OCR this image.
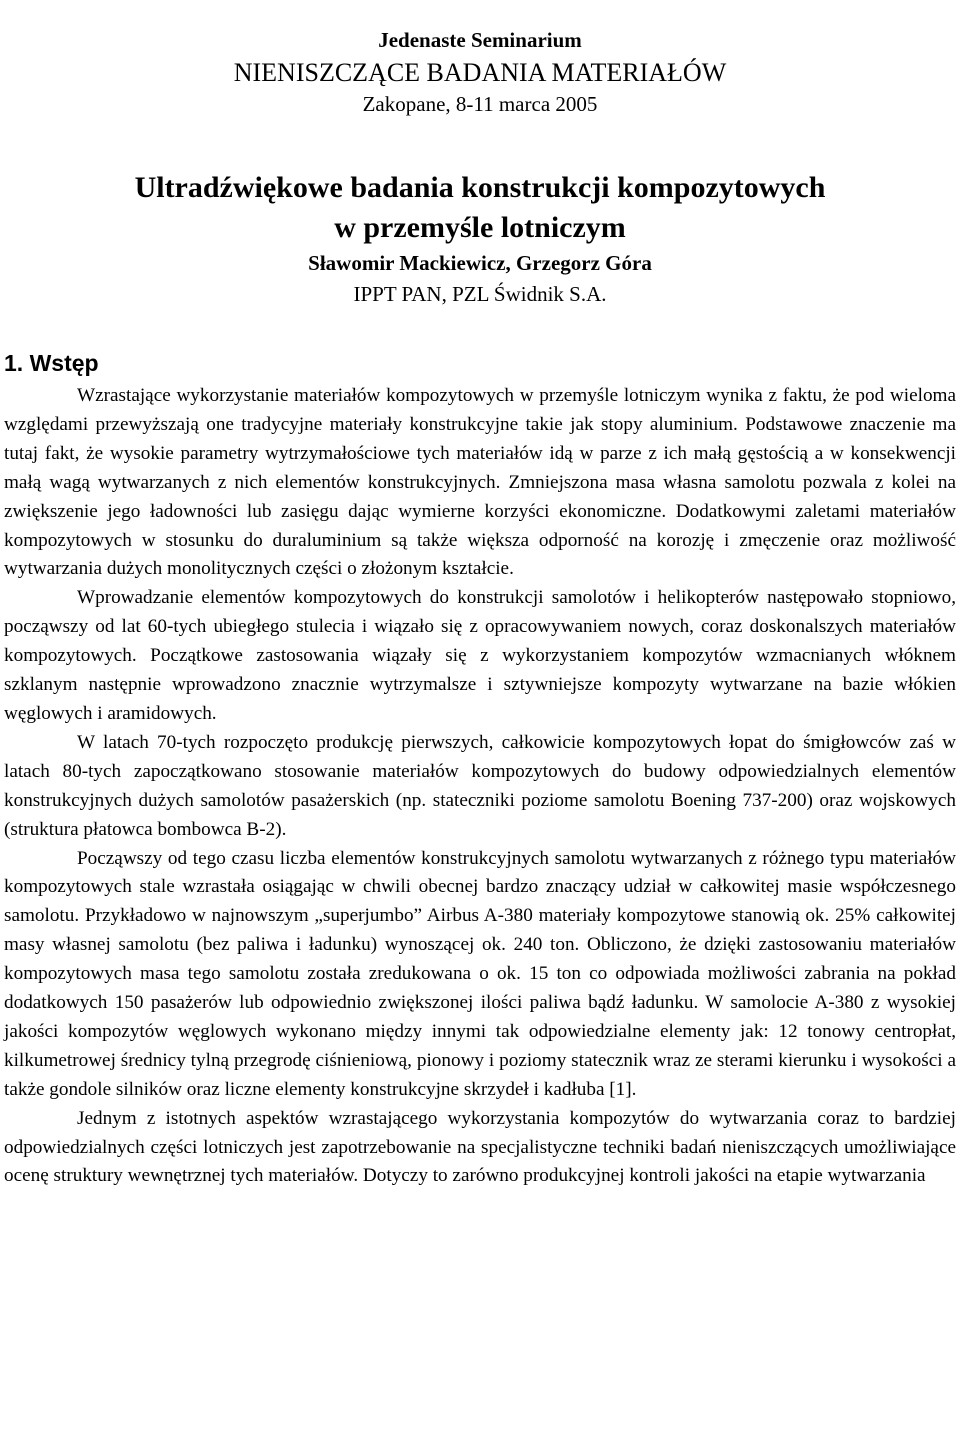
Jedenaste Seminarium
NIENISZCZĄCE BADANIA MATERIAŁÓW
Zakopane, 8-11 marca 2005
Ultradźwiękowe badania konstrukcji kompozytowych
w przemyśle lotniczym
Sławomir Mackiewicz, Grzegorz Góra
IPPT PAN, PZL Świdnik S.A.
1. Wstęp

Wzrastające wykorzystanie materiałów kompozytowych w przemyśle lotniczym wynika z faktu, że pod wieloma względami przewyższają one tradycyjne materiały konstrukcyjne takie jak stopy aluminium. Podstawowe znaczenie ma tutaj fakt, że wysokie parametry wytrzymałościowe tych materiałów idą w parze z ich małą gęstością a w konsekwencji małą wagą wytwarzanych z nich elementów konstrukcyjnych. Zmniejszona masa własna samolotu pozwala z kolei na zwiększenie jego ładowności lub zasięgu dając wymierne korzyści ekonomiczne. Dodatkowymi zaletami materiałów kompozytowych w stosunku do duraluminium są także większa odporność na korozję i zmęczenie oraz możliwość wytwarzania dużych monolitycznych części o złożonym kształcie.

Wprowadzanie elementów kompozytowych do konstrukcji samolotów i helikopterów następowało stopniowo, począwszy od lat 60-tych ubiegłego stulecia i wiązało się z opracowywaniem nowych, coraz doskonalszych materiałów kompozytowych. Początkowe zastosowania wiązały się z wykorzystaniem kompozytów wzmacnianych włóknem szklanym następnie wprowadzono znacznie wytrzymalsze i sztywniejsze kompozyty wytwarzane na bazie włókien węglowych i aramidowych.

W latach 70-tych rozpoczęto produkcję pierwszych, całkowicie kompozytowych łopat do śmigłowców zaś w latach 80-tych zapoczątkowano stosowanie materiałów kompozytowych do budowy odpowiedzialnych elementów konstrukcyjnych dużych samolotów pasażerskich (np. stateczniki poziome samolotu Boening 737-200) oraz wojskowych (struktura płatowca bombowca B-2).

Począwszy od tego czasu liczba elementów konstrukcyjnych samolotu wytwarzanych z różnego typu materiałów kompozytowych stale wzrastała osiągając w chwili obecnej bardzo znaczący udział w całkowitej masie współczesnego samolotu. Przykładowo w najnowszym „superjumbo” Airbus A-380 materiały kompozytowe stanowią ok. 25% całkowitej masy własnej samolotu (bez paliwa i ładunku) wynoszącej ok. 240 ton. Obliczono, że dzięki zastosowaniu materiałów kompozytowych masa tego samolotu została zredukowana o ok. 15 ton co odpowiada możliwości zabrania na pokład dodatkowych 150 pasażerów lub odpowiednio zwiększonej ilości paliwa bądź ładunku. W samolocie A-380 z wysokiej jakości kompozytów węglowych wykonano między innymi tak odpowiedzialne elementy jak: 12 tonowy centropłat, kilkumetrowej średnicy tylną przegrodę ciśnieniową, pionowy i poziomy statecznik wraz ze sterami kierunku i wysokości a także gondole silników oraz liczne elementy konstrukcyjne skrzydeł i kadłuba [1].

Jednym z istotnych aspektów wzrastającego wykorzystania kompozytów do wytwarzania coraz to bardziej odpowiedzialnych części lotniczych jest zapotrzebowanie na specjalistyczne techniki badań nieniszczących umożliwiające ocenę struktury wewnętrznej tych materiałów. Dotyczy to zarówno produkcyjnej kontroli jakości na etapie wytwarzania
